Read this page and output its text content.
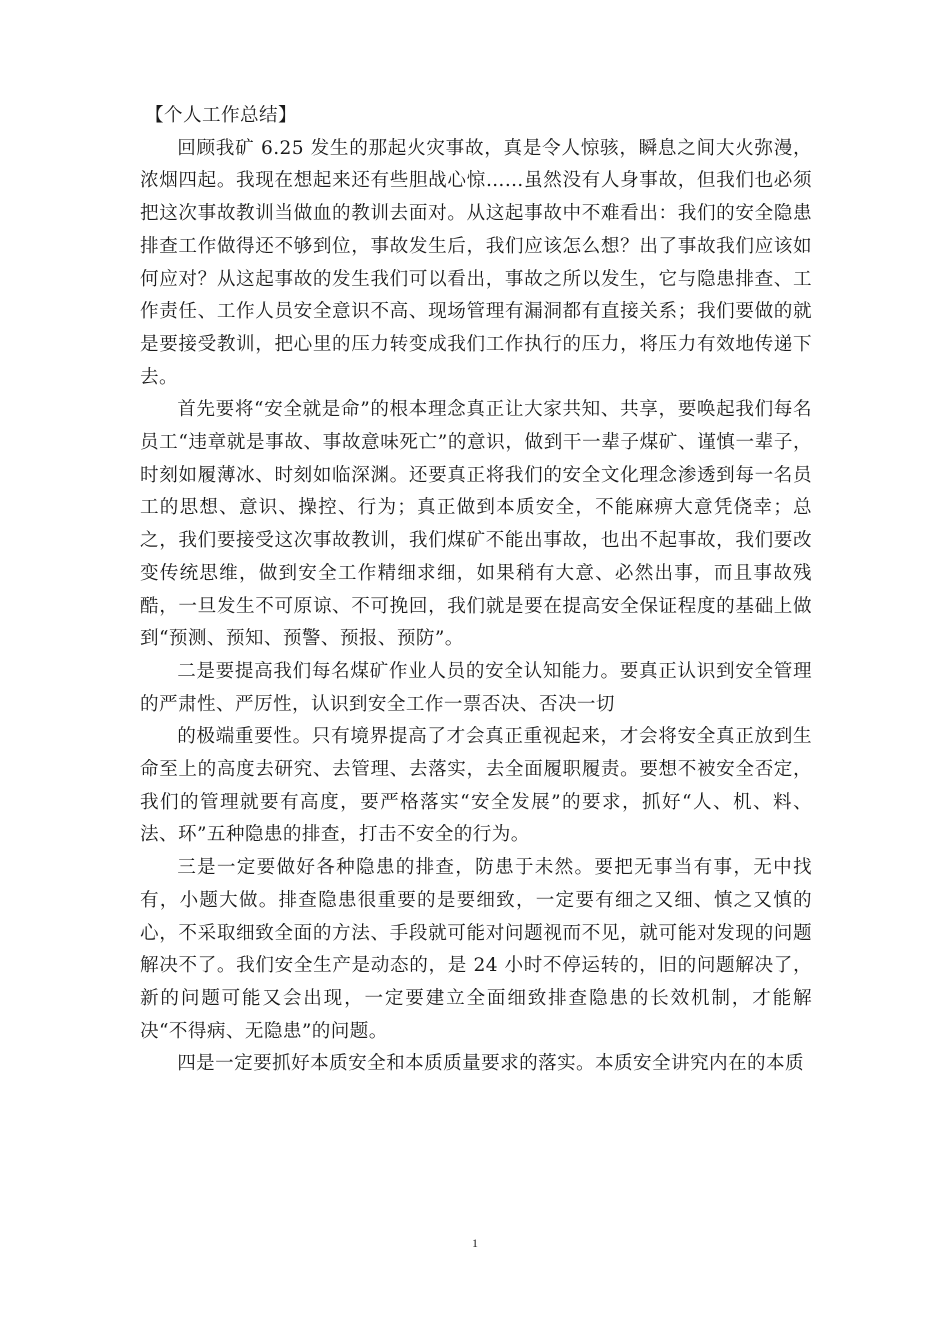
【个人工作总结】

回顾我矿 6.25 发生的那起火灾事故，真是令人惊骇，瞬息之间大火弥漫，浓烟四起。我现在想起来还有些胆战心惊……虽然没有人身事故，但我们也必须把这次事故教训当做血的教训去面对。从这起事故中不难看出：我们的安全隐患排查工作做得还不够到位，事故发生后，我们应该怎么想？出了事故我们应该如何应对？从这起事故的发生我们可以看出，事故之所以发生，它与隐患排查、工作责任、工作人员安全意识不高、现场管理有漏洞都有直接关系；我们要做的就是要接受教训，把心里的压力转变成我们工作执行的压力，将压力有效地传递下去。

首先要将“安全就是命”的根本理念真正让大家共知、共享，要唤起我们每名员工“违章就是事故、事故意味死亡”的意识，做到干一辈子煤矿、谨慎一辈子，时刻如履薄冰、时刻如临深渊。还要真正将我们的安全文化理念渗透到每一名员工的思想、意识、操控、行为；真正做到本质安全，不能麻痹大意凭侥幸；总之，我们要接受这次事故教训，我们煤矿不能出事故，也出不起事故，我们要改变传统思维，做到安全工作精细求细，如果稍有大意、必然出事，而且事故残酷，一旦发生不可原谅、不可挽回，我们就是要在提高安全保证程度的基础上做到“预测、预知、预警、预报、预防”。

二是要提高我们每名煤矿作业人员的安全认知能力。要真正认识到安全管理的严肃性、严厉性，认识到安全工作一票否决、否决一切

的极端重要性。只有境界提高了才会真正重视起来，才会将安全真正放到生命至上的高度去研究、去管理、去落实，去全面履职履责。要想不被安全否定，我们的管理就要有高度，要严格落实“安全发展”的要求，抓好“人、机、料、法、环”五种隐患的排查，打击不安全的行为。

三是一定要做好各种隐患的排查，防患于未然。要把无事当有事，无中找有，小题大做。排查隐患很重要的是要细致，一定要有细之又细、慎之又慎的心，不采取细致全面的方法、手段就可能对问题视而不见，就可能对发现的问题解决不了。我们安全生产是动态的，是 24 小时不停运转的，旧的问题解决了，新的问题可能又会出现，一定要建立全面细致排查隐患的长效机制，才能解决“不得病、无隐患”的问题。

四是一定要抓好本质安全和本质质量要求的落实。本质安全讲究内在的本质

1
